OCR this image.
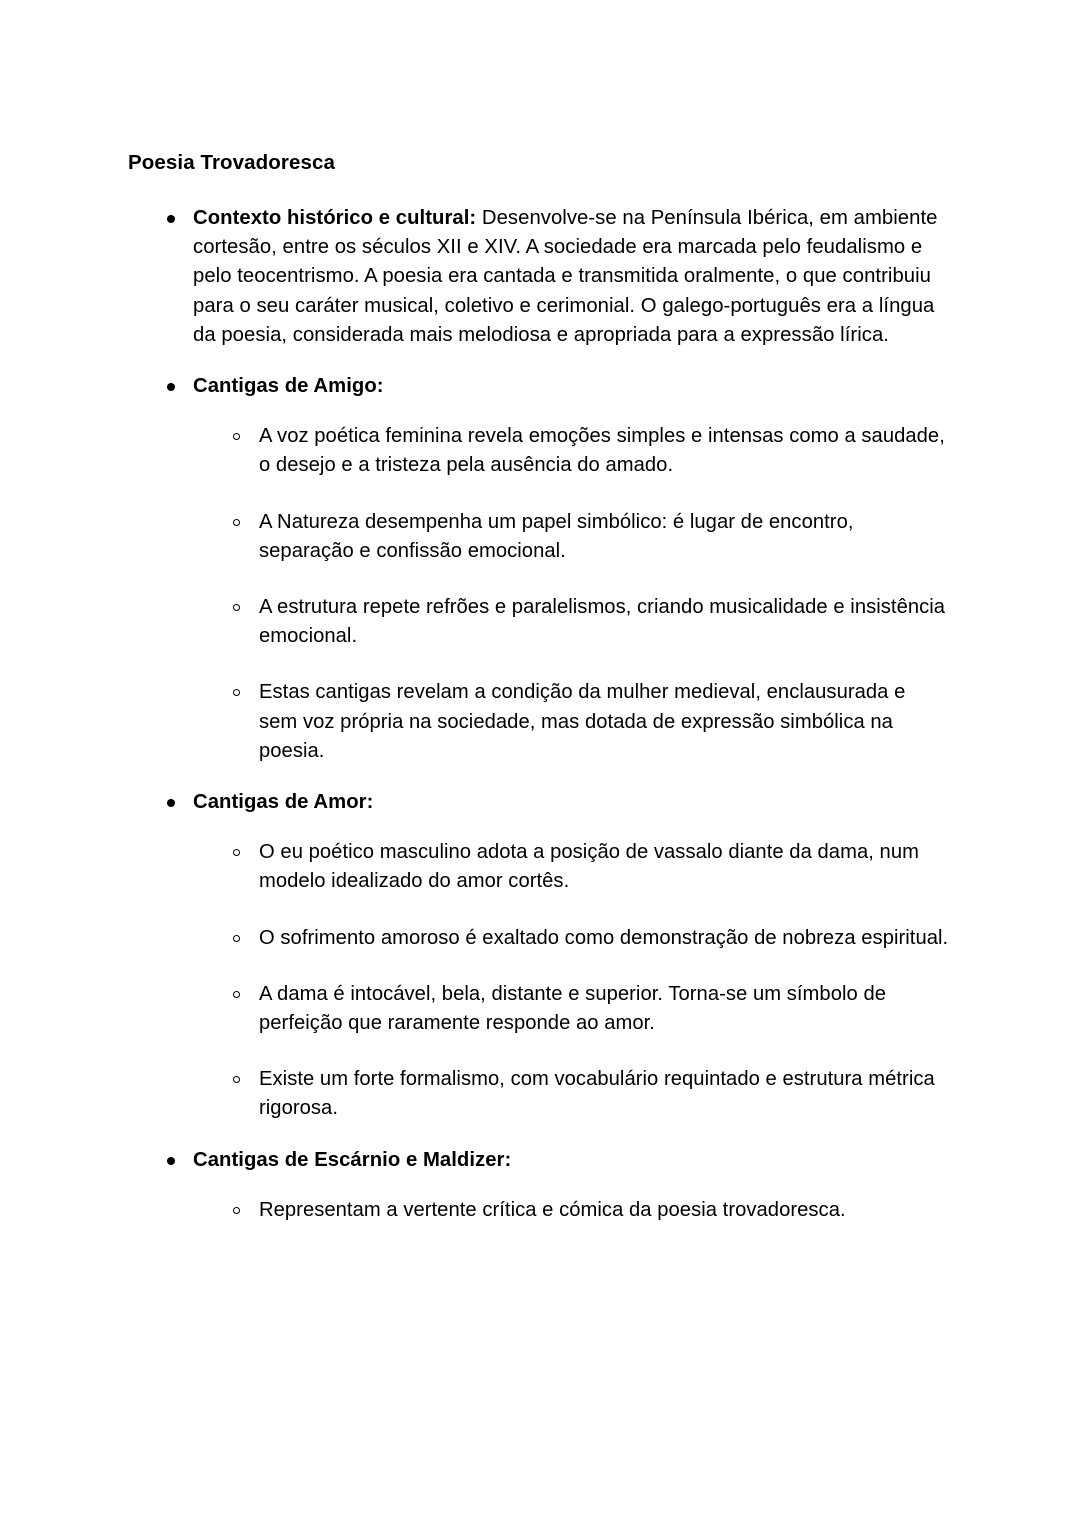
Poesia Trovadoresca
Contexto histórico e cultural: Desenvolve-se na Península Ibérica, em ambiente cortesão, entre os séculos XII e XIV. A sociedade era marcada pelo feudalismo e pelo teocentrismo. A poesia era cantada e transmitida oralmente, o que contribuiu para o seu caráter musical, coletivo e cerimonial. O galego-português era a língua da poesia, considerada mais melodiosa e apropriada para a expressão lírica.
Cantigas de Amigo:
A voz poética feminina revela emoções simples e intensas como a saudade, o desejo e a tristeza pela ausência do amado.
A Natureza desempenha um papel simbólico: é lugar de encontro, separação e confissão emocional.
A estrutura repete refrões e paralelismos, criando musicalidade e insistência emocional.
Estas cantigas revelam a condição da mulher medieval, enclausurada e sem voz própria na sociedade, mas dotada de expressão simbólica na poesia.
Cantigas de Amor:
O eu poético masculino adota a posição de vassalo diante da dama, num modelo idealizado do amor cortês.
O sofrimento amoroso é exaltado como demonstração de nobreza espiritual.
A dama é intocável, bela, distante e superior. Torna-se um símbolo de perfeição que raramente responde ao amor.
Existe um forte formalismo, com vocabulário requintado e estrutura métrica rigorosa.
Cantigas de Escárnio e Maldizer:
Representam a vertente crítica e cómica da poesia trovadoresca.
